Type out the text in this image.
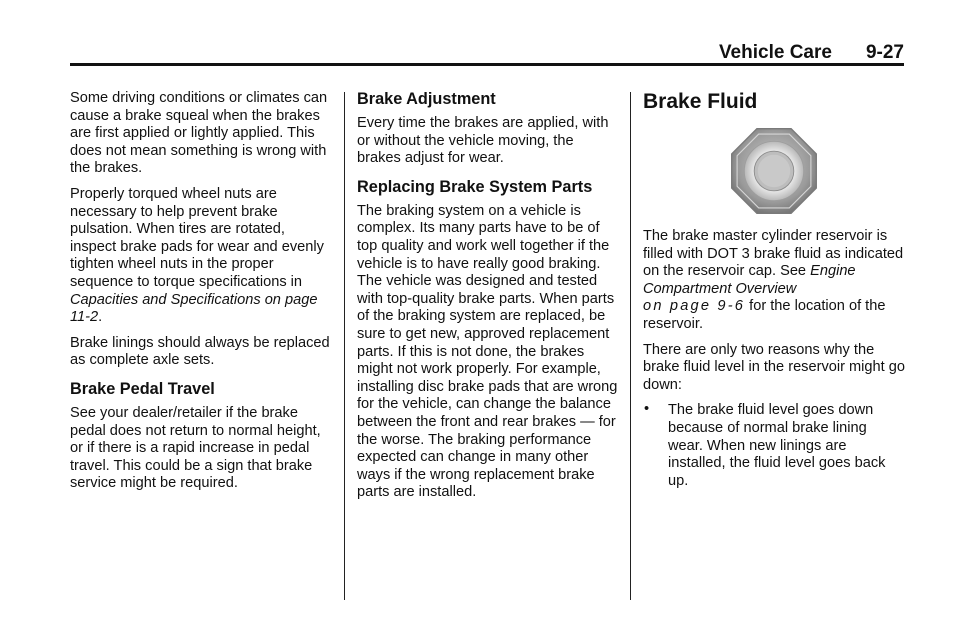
Vehicle Care 9-27

Some driving conditions or climates can cause a brake squeal when the brakes are first applied or lightly applied. This does not mean something is wrong with the brakes.

Properly torqued wheel nuts are necessary to help prevent brake pulsation. When tires are rotated, inspect brake pads for wear and evenly tighten wheel nuts in the proper sequence to torque specifications in Capacities and Specifications on page 11-2.

Brake linings should always be replaced as complete axle sets.

Brake Pedal Travel

See your dealer/retailer if the brake pedal does not return to normal height, or if there is a rapid increase in pedal travel. This could be a sign that brake service might be required.

Brake Adjustment

Every time the brakes are applied, with or without the vehicle moving, the brakes adjust for wear.

Replacing Brake System Parts

The braking system on a vehicle is complex. Its many parts have to be of top quality and work well together if the vehicle is to have really good braking. The vehicle was designed and tested with top-quality brake parts. When parts of the braking system are replaced, be sure to get new, approved replacement parts. If this is not done, the brakes might not work properly. For example, installing disc brake pads that are wrong for the vehicle, can change the balance between the front and rear brakes — for the worse. The braking performance expected can change in many other ways if the wrong replacement brake parts are installed.

Brake Fluid

The brake master cylinder reservoir is filled with DOT 3 brake fluid as indicated on the reservoir cap. See Engine Compartment Overview
on page 9-6 for the location of the reservoir.

There are only two reasons why the brake fluid level in the reservoir might go down:

• The brake fluid level goes down because of normal brake lining wear. When new linings are installed, the fluid level goes back up.
